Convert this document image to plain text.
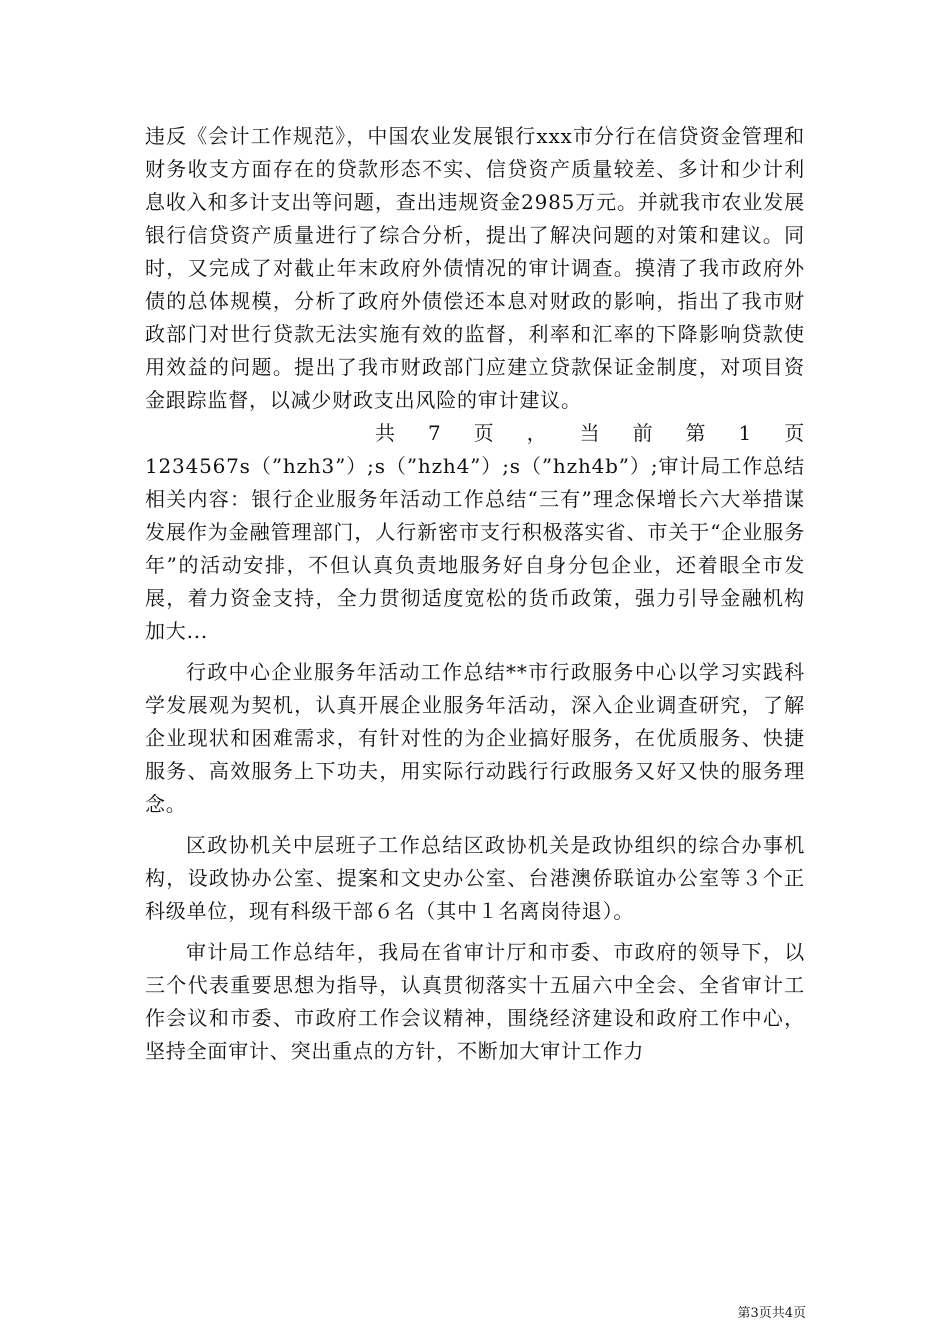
违反《会计工作规范》，中国农业发展银行xxx市分行在信贷资金管理和财务收支方面存在的贷款形态不实、信贷资产质量较差、多计和少计利息收入和多计支出等问题，查出违规资金2985万元。并就我市农业发展银行信贷资产质量进行了综合分析，提出了解决问题的对策和建议。同时，又完成了对截止年末政府外债情况的审计调查。摸清了我市政府外债的总体规模，分析了政府外债偿还本息对财政的影响，指出了我市财政部门对世行贷款无法实施有效的监督，利率和汇率的下降影响贷款使用效益的问题。提出了我市财政部门应建立贷款保证金制度，对项目资金跟踪监督，以减少财政支出风险的审计建议。

共 7 页 ， 当 前 第 1 页

1234567s（”hzh3”）;s（”hzh4”）;s（”hzh4b”）;审计局工作总结相关内容：银行企业服务年活动工作总结“三有”理念保增长六大举措谋发展作为金融管理部门，人行新密市支行积极落实省、市关于“企业服务年”的活动安排，不但认真负责地服务好自身分包企业，还着眼全市发展，着力资金支持，全力贯彻适度宽松的货币政策，强力引导金融机构加大...

行政中心企业服务年活动工作总结**市行政服务中心以学习实践科学发展观为契机，认真开展企业服务年活动，深入企业调查研究，了解企业现状和困难需求，有针对性的为企业搞好服务，在优质服务、快捷服务、高效服务上下功夫，用实际行动践行行政服务又好又快的服务理念。

区政协机关中层班子工作总结区政协机关是政协组织的综合办事机构，设政协办公室、提案和文史办公室、台港澳侨联谊办公室等３个正科级单位，现有科级干部６名（其中１名离岗待退）。

审计局工作总结年，我局在省审计厅和市委、市政府的领导下，以三个代表重要思想为指导，认真贯彻落实十五届六中全会、全省审计工作会议和市委、市政府工作会议精神，围绕经济建设和政府工作中心，坚持全面审计、突出重点的方针，不断加大审计工作力

第3页共4页
